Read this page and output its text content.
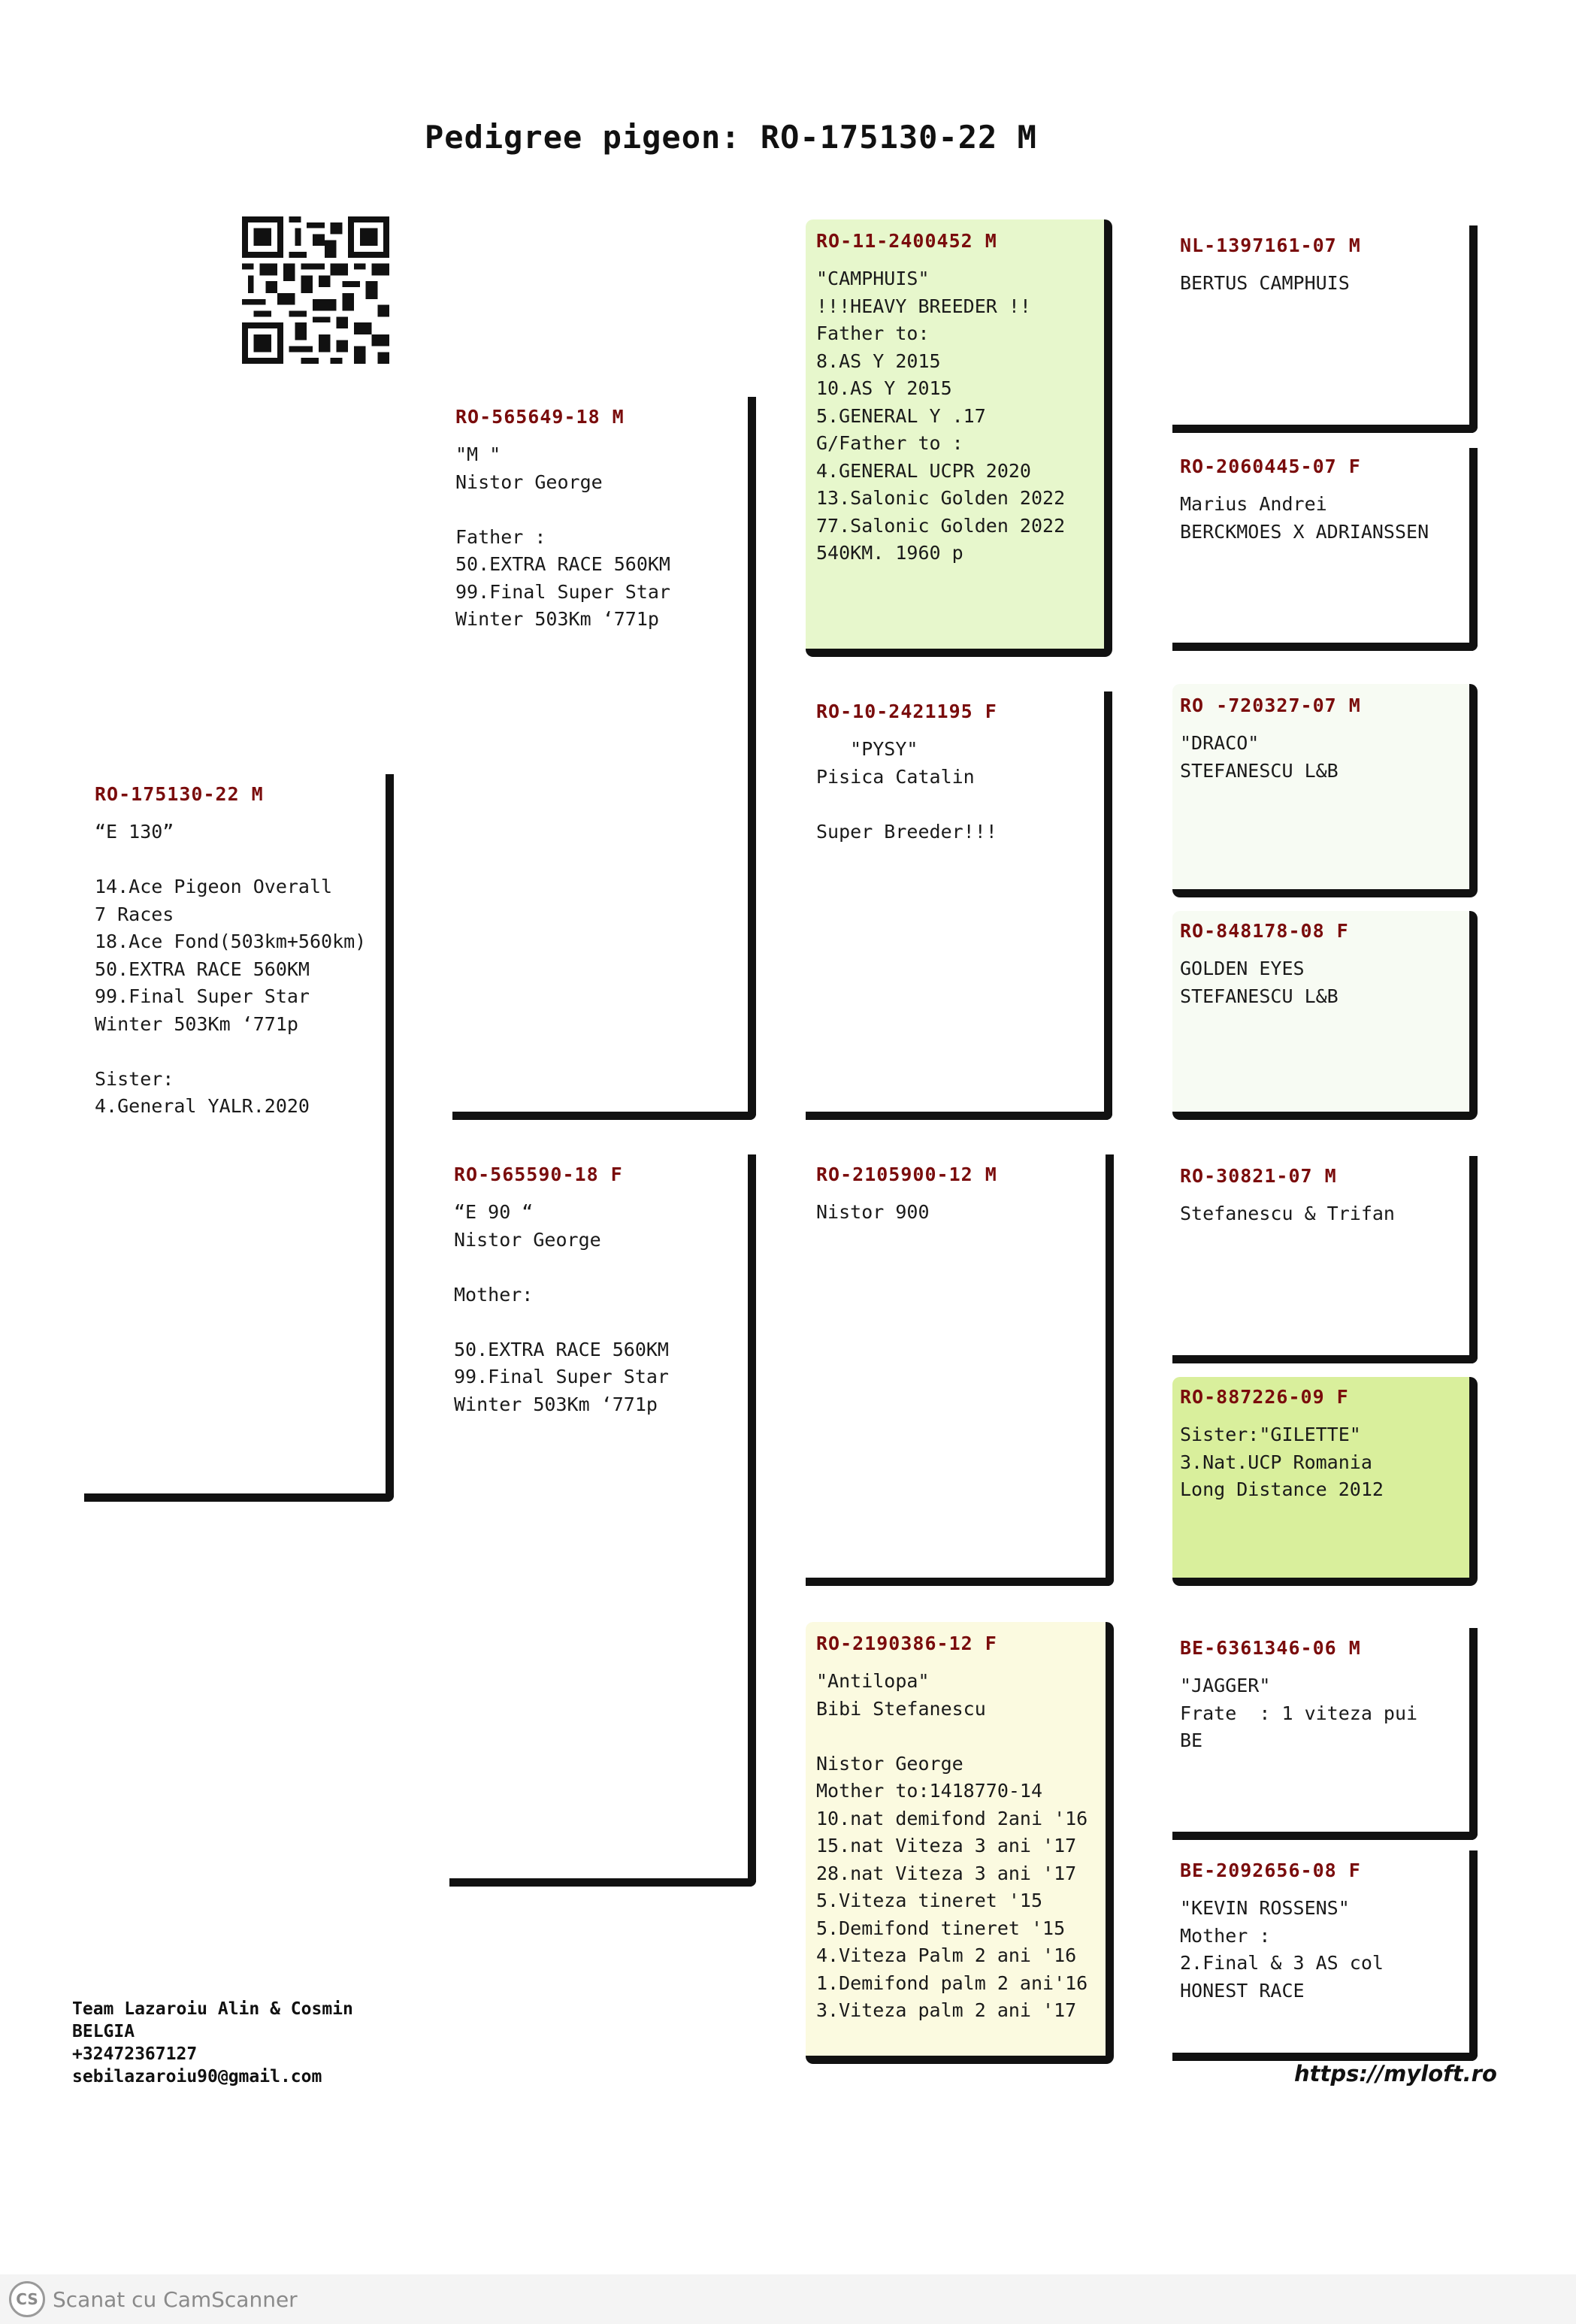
Pedigree pigeon: RO-175130-22 M
RO-175130-22 M
“E 130”

14.Ace Pigeon Overall
7 Races
18.Ace Fond(503km+560km)
50.EXTRA RACE 560KM
99.Final Super Star
Winter 503Km ‘771p

Sister:
4.General YALR.2020
RO-565649-18 M
"M "
Nistor George

Father :
50.EXTRA RACE 560KM
99.Final Super Star
Winter 503Km ‘771p
RO-565590-18 F
“E 90 “
Nistor George

Mother:

50.EXTRA RACE 560KM
99.Final Super Star
Winter 503Km ‘771p
RO-11-2400452 M
"CAMPHUIS"
!!!HEAVY BREEDER !!
Father to:
8.AS Y 2015
10.AS Y 2015
5.GENERAL Y .17
G/Father to :
4.GENERAL UCPR 2020
13.Salonic Golden 2022
77.Salonic Golden 2022
540KM. 1960 p
RO-10-2421195 F
"PYSY"
Pisica Catalin

Super Breeder!!!
RO-2105900-12 M
Nistor 900
RO-2190386-12 F
"Antilopa"
Bibi Stefanescu

Nistor George
Mother to:1418770-14
10.nat demifond 2ani '16
15.nat Viteza 3 ani '17
28.nat Viteza 3 ani '17
5.Viteza tineret '15
5.Demifond tineret '15
4.Viteza Palm 2 ani '16
1.Demifond palm 2 ani'16
3.Viteza palm 2 ani '17
NL-1397161-07 M
BERTUS CAMPHUIS
RO-2060445-07 F
Marius Andrei
BERCKMOES X ADRIANSSEN
RO -720327-07 M
"DRACO"
STEFANESCU L&B
RO-848178-08 F
GOLDEN EYES
STEFANESCU L&B
RO-30821-07 M
Stefanescu & Trifan
RO-887226-09 F
Sister:"GILETTE"
3.Nat.UCP Romania
Long Distance 2012
BE-6361346-06 M
"JAGGER"
Frate  : 1 viteza pui
BE
BE-2092656-08 F
"KEVIN ROSSENS"
Mother :
2.Final & 3 AS col
HONEST RACE
Team Lazaroiu Alin & Cosmin
BELGIA
+32472367127
sebilazaroiu90@gmail.com	https://myloft.ro
CS Scanat cu CamScanner
